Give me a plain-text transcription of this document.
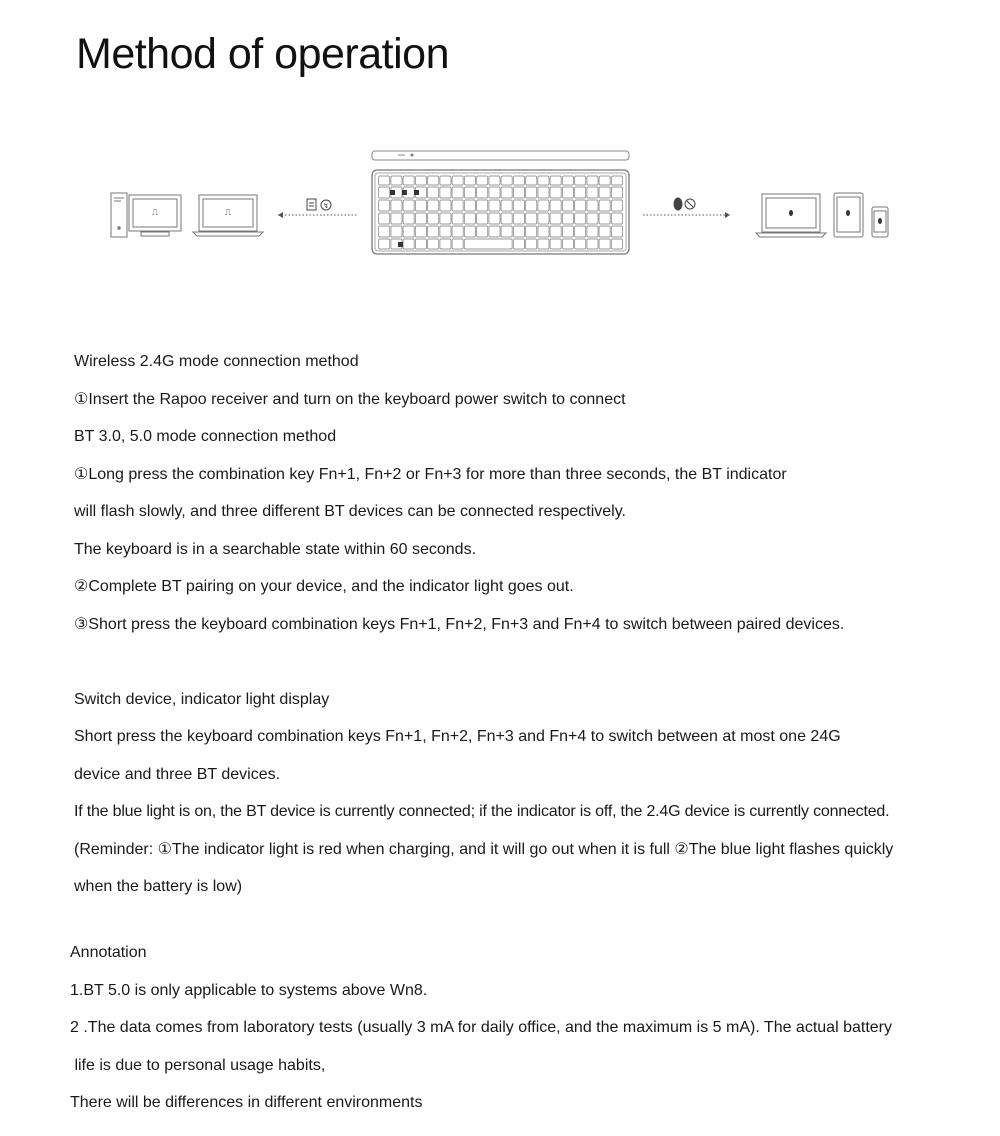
Method of operation
⎍	⎍
↯
Wireless 2.4G mode connection method
①Insert the Rapoo receiver and turn on the keyboard power switch to connect
BT 3.0, 5.0 mode connection method
①Long press the combination key Fn+1, Fn+2 or Fn+3 for more than three seconds, the BT indicator
will flash slowly, and three different BT devices can be connected respectively.
The keyboard is in a searchable state within 60 seconds.
②Complete BT pairing on your device, and the indicator light goes out.
③Short press the keyboard combination keys Fn+1, Fn+2, Fn+3 and Fn+4 to switch between paired devices.
Switch device, indicator light display
Short press the keyboard combination keys Fn+1, Fn+2, Fn+3 and Fn+4 to switch between at most one 24G
device and three BT devices.
If the blue light is on, the BT device is currently connected; if the indicator is off, the 2.4G device is currently connected.
(Reminder: ①The indicator light is red when charging, and it will go out when it is full ②The blue light flashes quickly
when the battery is low)
Annotation
1.BT 5.0 is only applicable to systems above Wn8.
2 .The data comes from laboratory tests (usually 3 mA for daily office, and the maximum is 5 mA). The actual battery
life is due to personal usage habits,
There will be differences in different environments
